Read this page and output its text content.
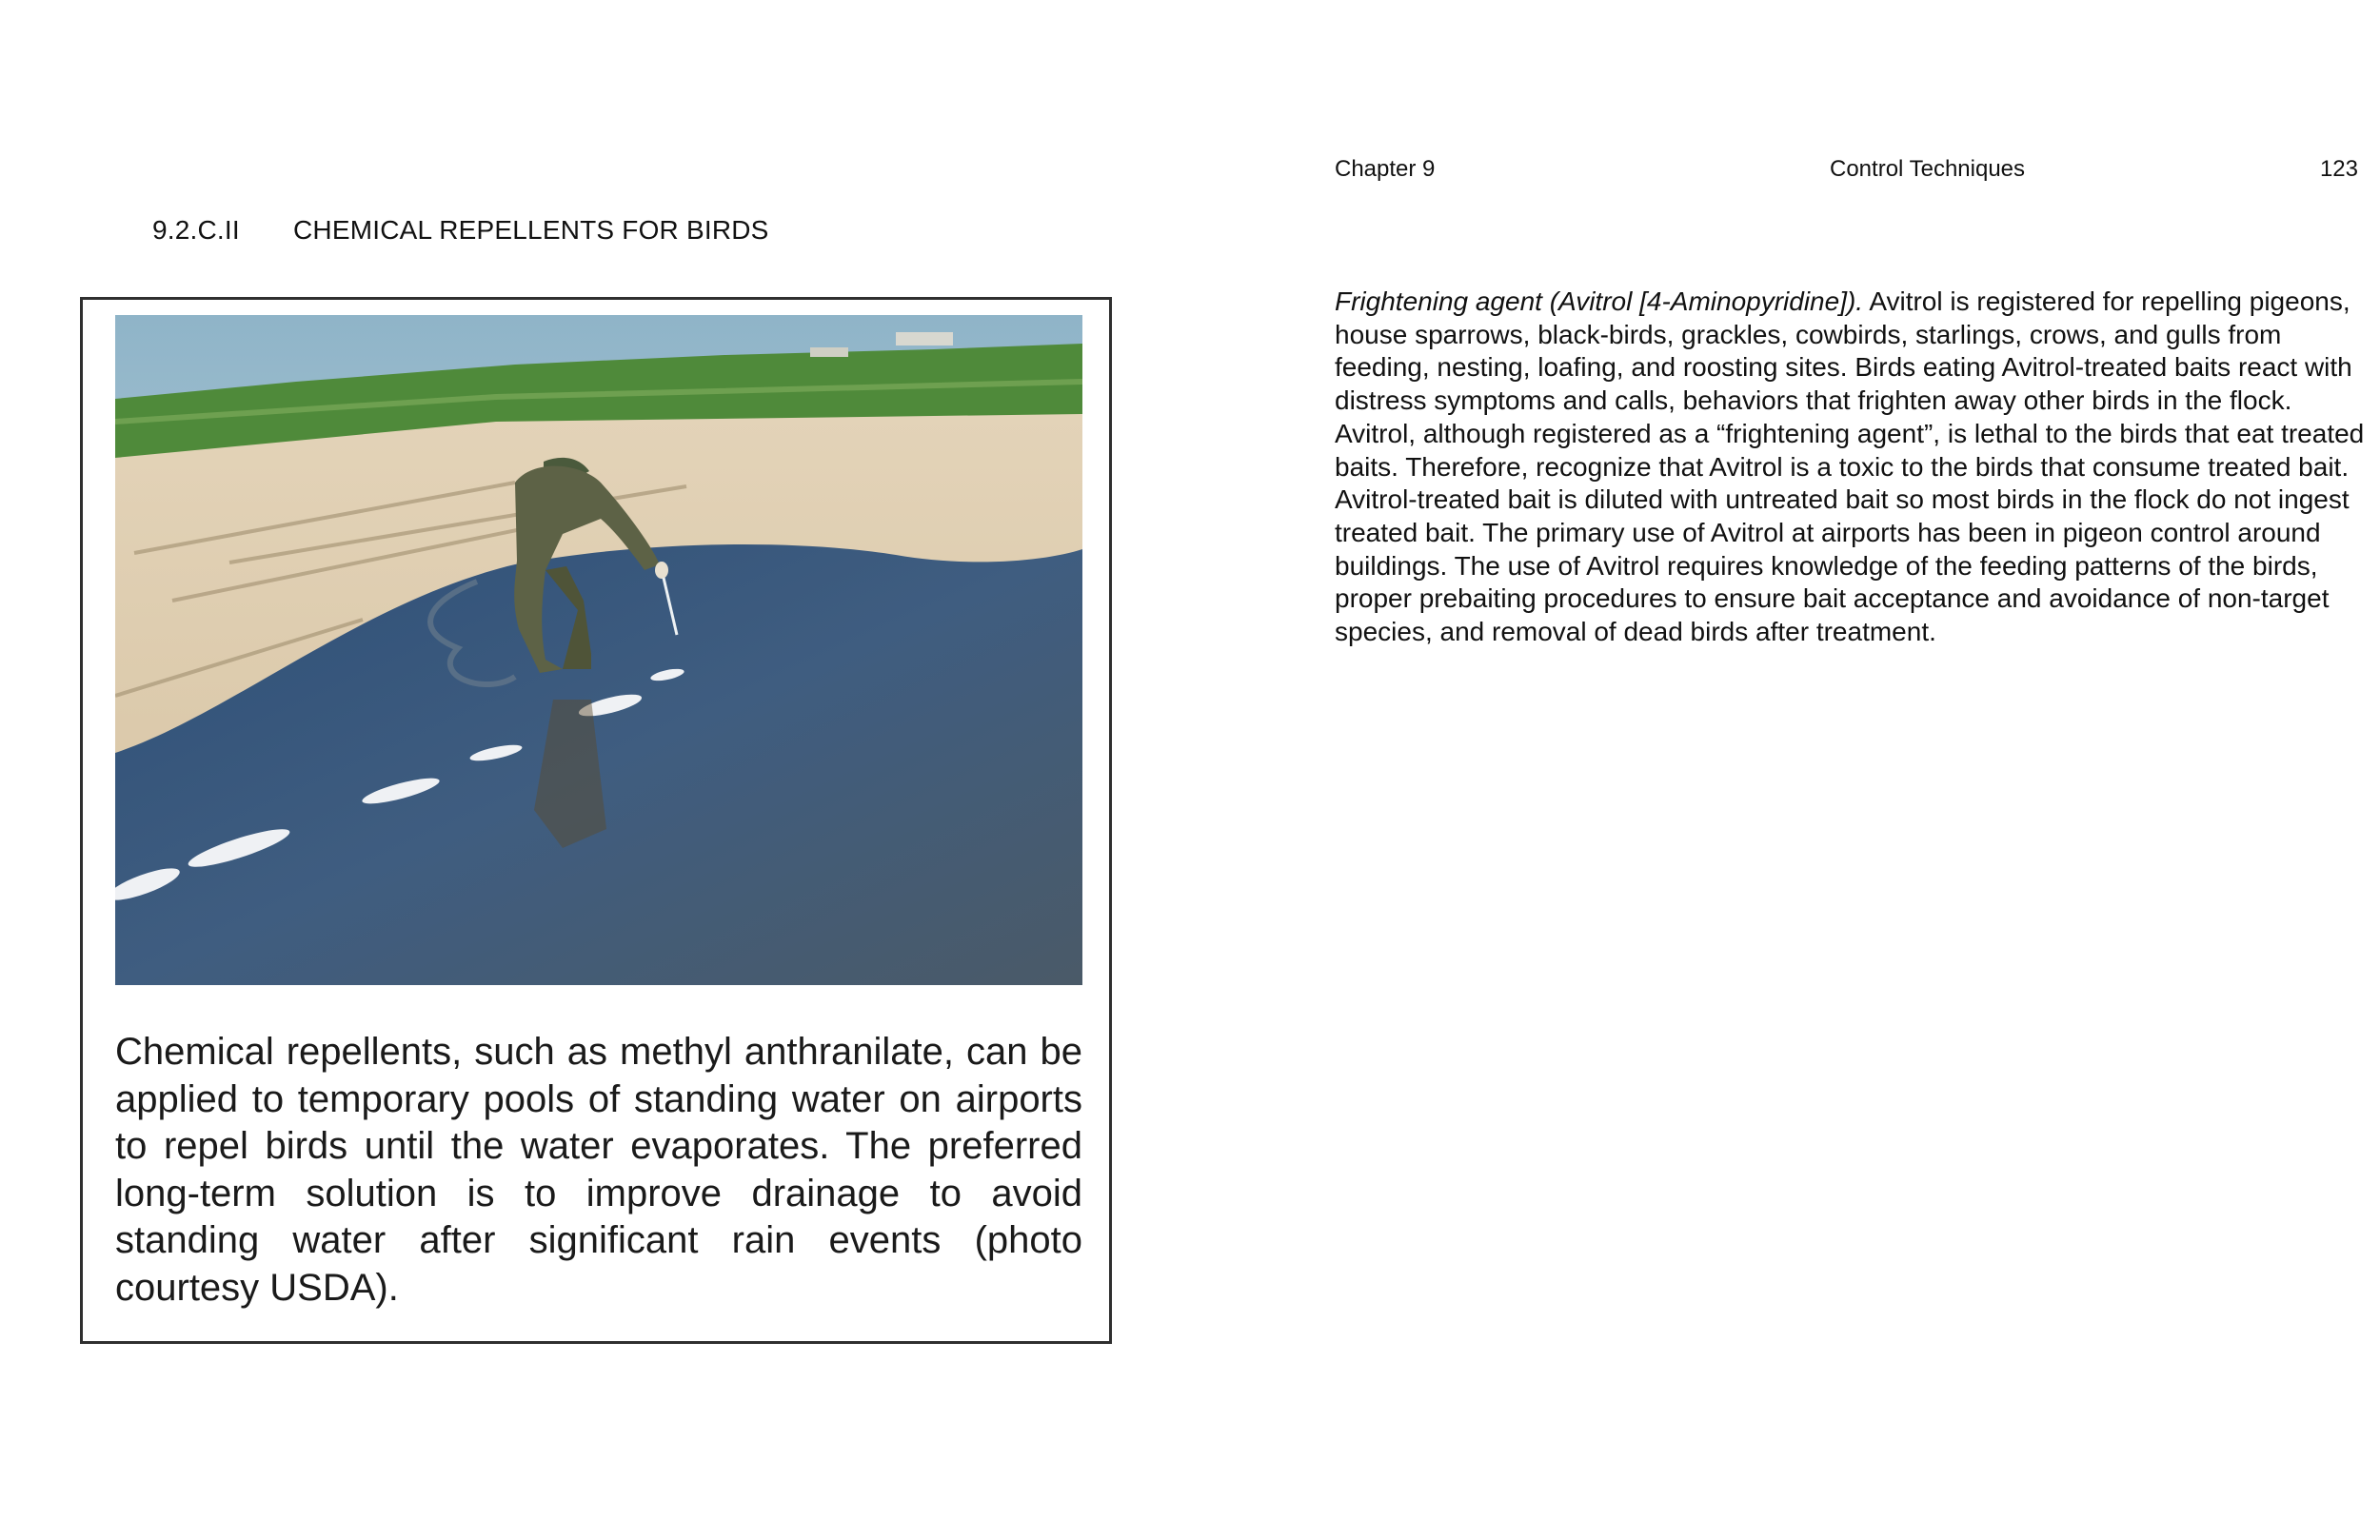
9.2.C.II CHEMICAL REPELLENTS FOR BIRDS
Chemical repellents, such as methyl anthranilate, can be applied to temporary pools of standing water on airports to repel birds until the water evaporates. The preferred long-term solution is to improve drainage to avoid standing water after significant rain events (photo courtesy USDA).
Chapter 9	Control Techniques	123

Frightening agent (Avitrol [4-Aminopyridine]). Avitrol is registered for repelling pigeons, house sparrows, black-birds, grackles, cowbirds, starlings, crows, and gulls from feeding, nesting, loafing, and roosting sites. Birds eating Avitrol-treated baits react with distress symptoms and calls, behaviors that frighten away other birds in the flock. Avitrol, although registered as a “frightening agent”, is lethal to the birds that eat treated baits. Therefore, recognize that Avitrol is a toxic to the birds that consume treated bait. Avitrol-treated bait is diluted with untreated bait so most birds in the flock do not ingest treated bait. The primary use of Avitrol at airports has been in pigeon control around buildings. The use of Avitrol requires knowledge of the feeding patterns of the birds, proper prebaiting procedures to ensure bait acceptance and avoidance of non-target species, and removal of dead birds after treatment.
